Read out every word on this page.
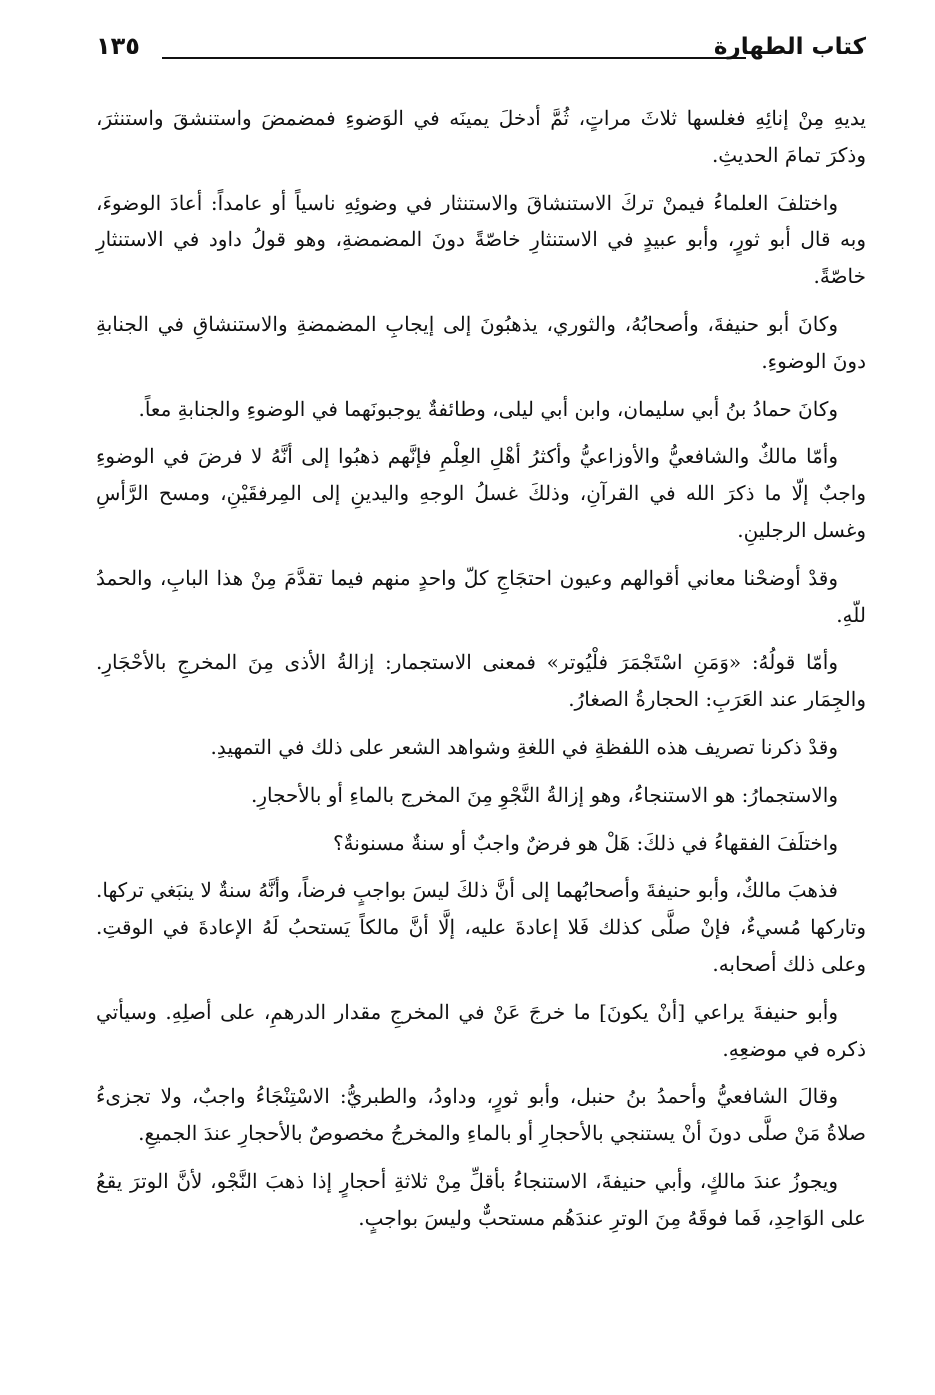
كتاب الطهارة
١٣٥

يديهِ مِنْ إنائِهِ فغلسها ثلاثَ مراتٍ، ثُمَّ أدخلَ يمينَه في الوَضوءِ فمضمضَ واستنشقَ واستنثرَ، وذكرَ تمامَ الحديثِ.

واختلفَ العلماءُ فيمنْ تركَ الاستنشاقَ والاستنثار في وضوئِهِ ناسياً أو عامداً: أعادَ الوضوءَ، وبه قال أبو ثورٍ، وأبو عبيدٍ في الاستنثارِ خاصّةً دونَ المضمضةِ، وهو قولُ داود في الاستنثارِ خاصّةً.

وكانَ أبو حنيفةَ، وأصحابُهُ، والثوري، يذهبُونَ إلى إيجابِ المضمضةِ والاستنشاقِ في الجنابةِ دونَ الوضوءِ.

وكانَ حمادُ بنُ أبي سليمان، وابن أبي ليلى، وطائفةٌ يوجبونَهما في الوضوءِ والجنابةِ معاً.

وأمّا مالكٌ والشافعيُّ والأوزاعيُّ وأكثرُ أهْلِ العِلْمِ فإنَّهم ذهبُوا إلى أنَّهُ لا فرضَ في الوضوءِ واجبٌ إلّا ما ذكرَ الله في القرآنِ، وذلكَ غسلُ الوجهِ واليدينِ إلى المِرفقَيْنِ، ومسح الرَّأسِ وغسل الرجلينِ.

وقدْ أوضحْنا معاني أقوالهم وعيون احتجَاجِ كلّ واحدٍ منهم فيما تقدَّمَ مِنْ هذا البابِ، والحمدُ للّهِ.

وأمّا قولُهُ: «وَمَنِ اسْتَجْمَرَ فلْيُوتر» فمعنى الاستجمار: إزالةُ الأذى مِنَ المخرجِ بالأحْجَارِ. والجِمَار عند العَرَبِ: الحجارةُ الصغارُ.

وقدْ ذكرنا تصريف هذه اللفظةِ في اللغةِ وشواهد الشعر على ذلك في التمهيدِ.

والاستجمارُ: هو الاستنجاءُ، وهو إزالةُ النَّجْوِ مِنَ المخرج بالماءِ أو بالأحجارِ.

واختلَفَ الفقهاءُ في ذلكَ: هَلْ هو فرضٌ واجبٌ أو سنةٌ مسنونةٌ؟

فذهبَ مالكٌ، وأبو حنيفةَ وأصحابُهما إلى أنَّ ذلكَ ليسَ بواجبٍ فرضاً، وأنَّهُ سنةٌ لا ينبَغي تركها. وتاركها مُسيءٌ، فإنْ صلَّى كذلك فَلا إعادةَ عليه، إلَّا أنَّ مالكاً يَستحبُ لَهُ الإعادةَ في الوقتِ. وعلى ذلك أصحابه.

وأبو حنيفةَ يراعي [أنْ يكونَ] ما خرجَ عَنْ في المخرجِ مقدار الدرهمِ، على أصلِهِ. وسيأتي ذكره في موضعِهِ.

وقالَ الشافعيُّ وأحمدُ بنُ حنبل، وأبو ثورٍ، وداودُ، والطبريُّ: الاسْتِنْجَاءُ واجبٌ، ولا تجزىءُ صلاةُ مَنْ صلَّى دونَ أنْ يستنجي بالأحجارِ أو بالماءِ والمخرجُ مخصوصٌ بالأحجارِ عندَ الجميعِ.

ويجوزُ عندَ مالكٍ، وأبي حنيفةَ، الاستنجاءُ بأقلِّ مِنْ ثلاثةِ أحجارٍ إذا ذهبَ النَّجْو، لأنَّ الوترَ يقعُ على الوَاحِدِ، فَما فوقَهُ مِنَ الوترِ عندَهُم مستحبٌّ وليسَ بواجبٍ.
